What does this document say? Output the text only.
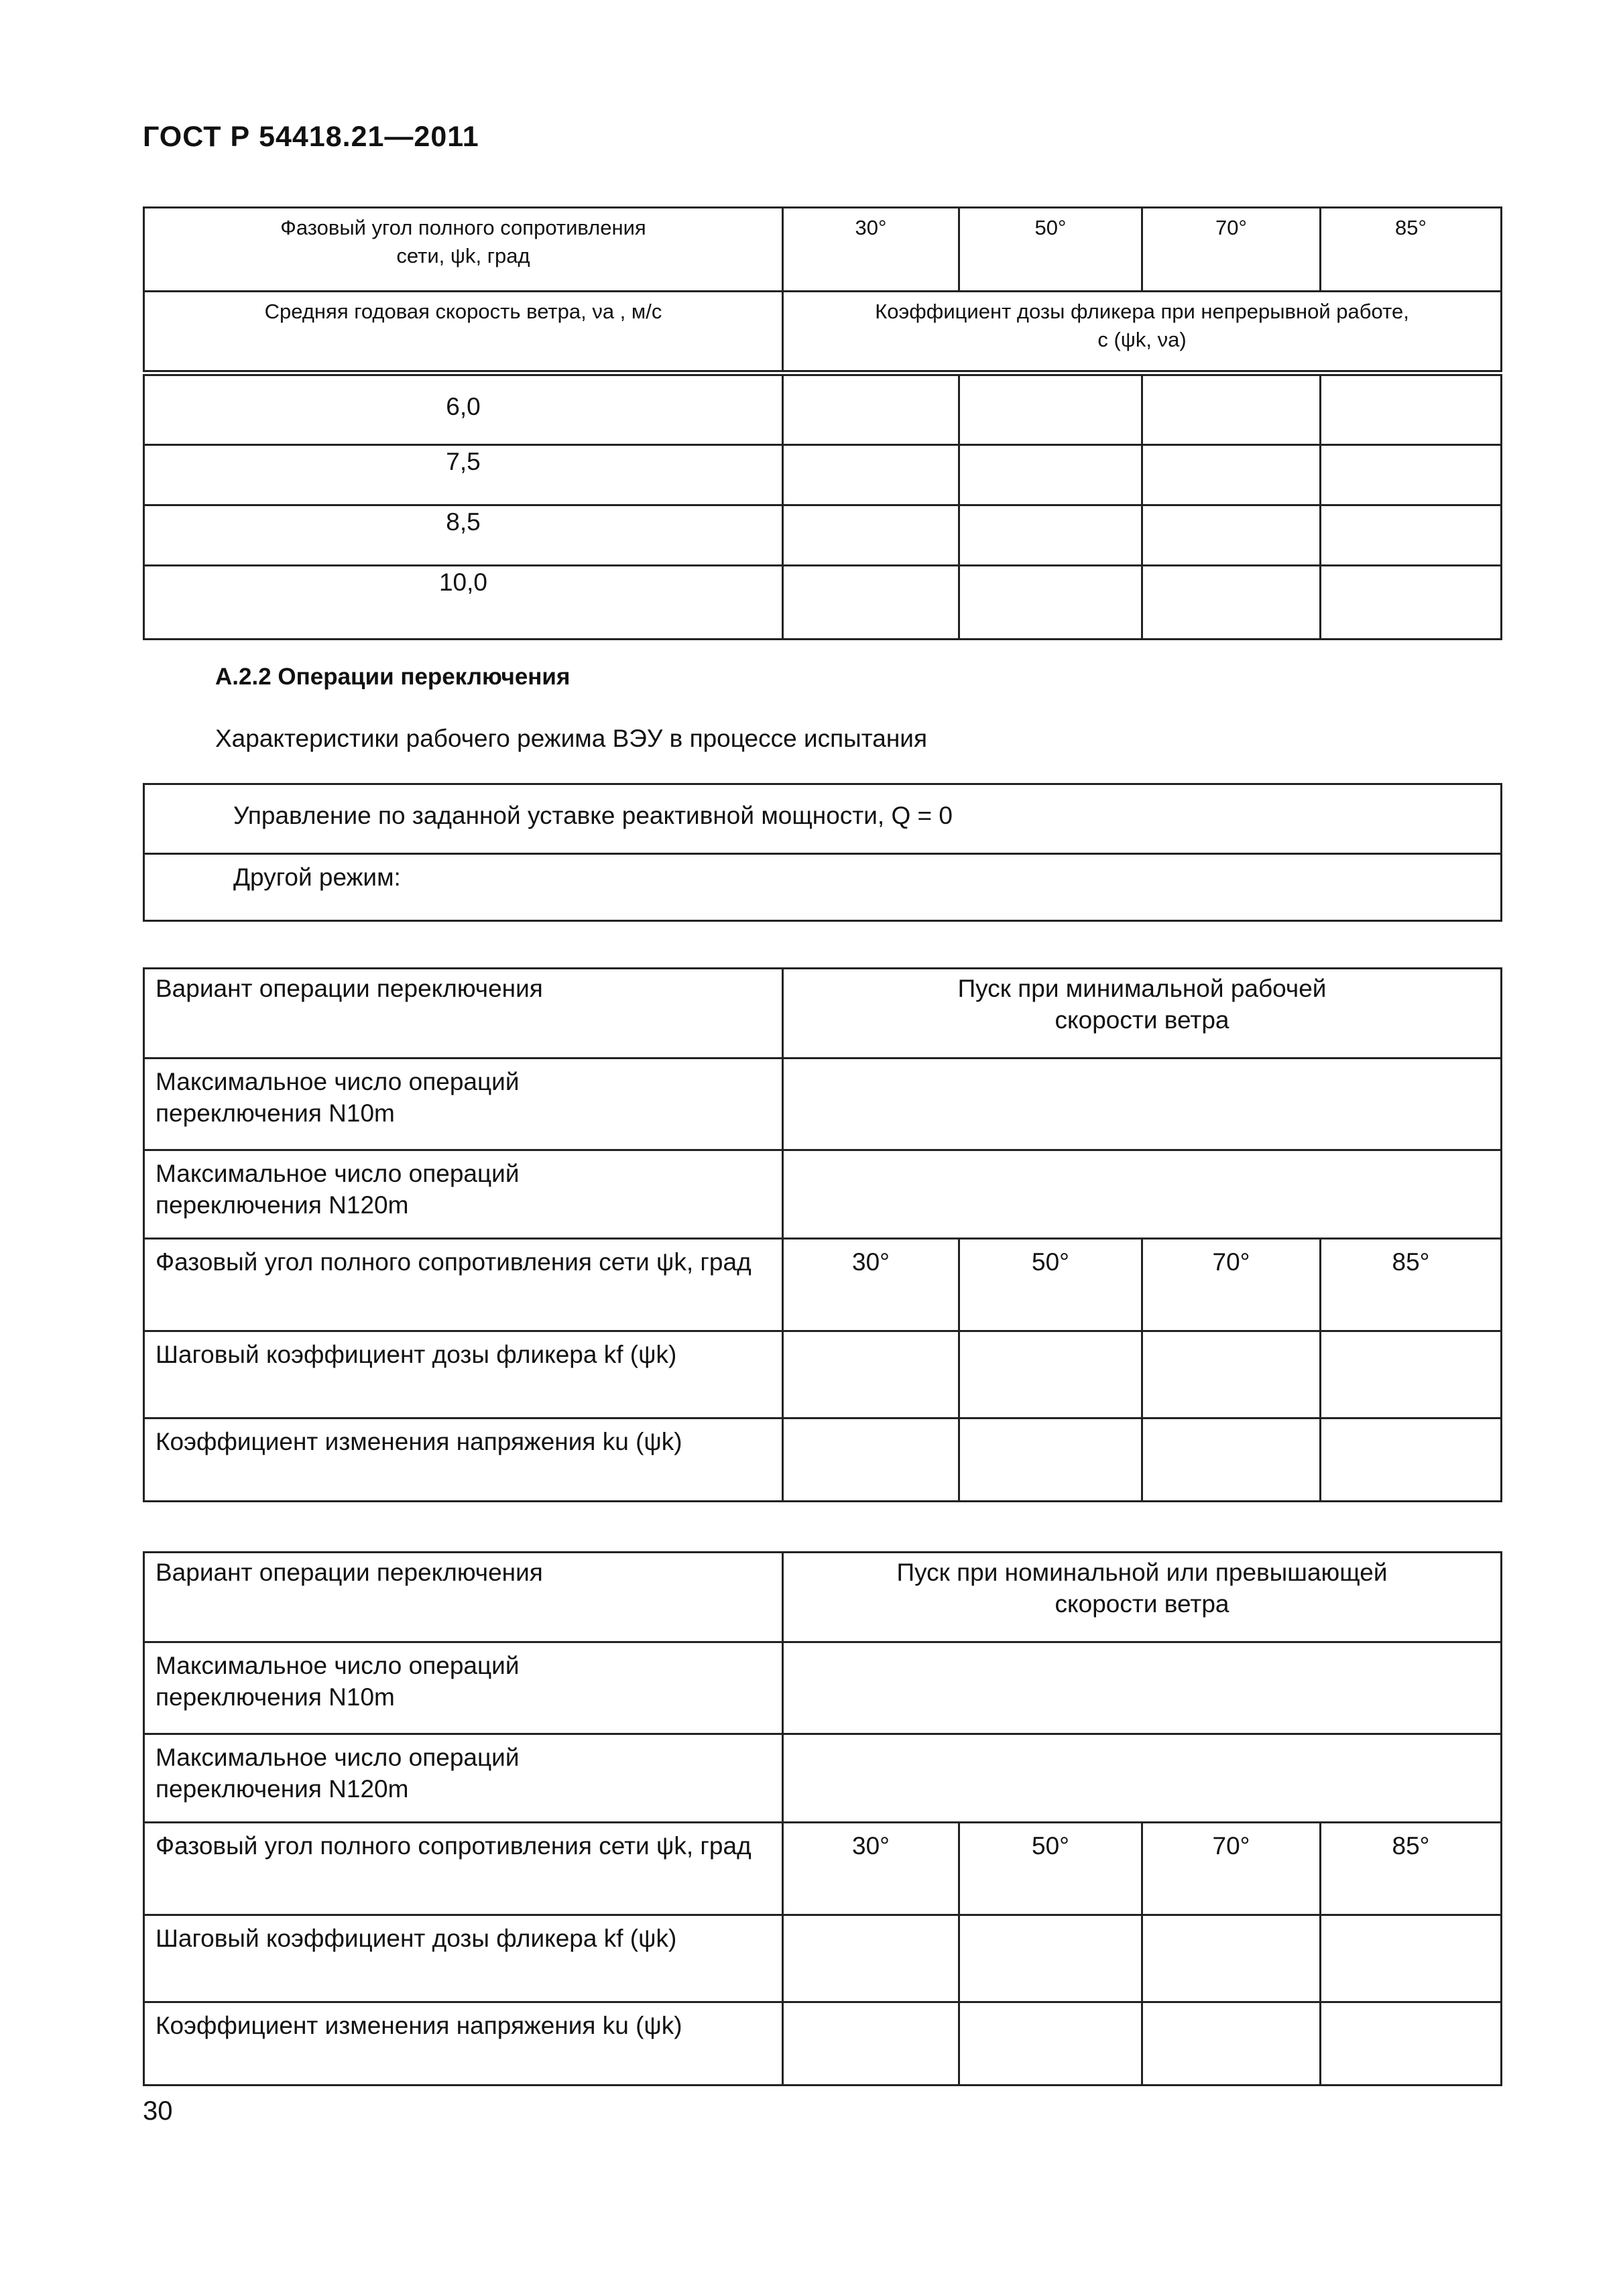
ГОСТ Р 54418.21—2011
Фазовый угол полного сопротивления
сети, ψk, град	30°	50°	70°	85°
Средняя годовая скорость ветра, νa , м/с	Коэффициент дозы фликера при непрерывной работе,
c (ψk, νa)			

6,0				
7,5				
8,5				
10,0				
А.2.2 Операции переключения
Характеристики рабочего режима ВЭУ в процессе испытания
Управление по заданной уставке реактивной мощности, Q = 0
Другой режим:
Вариант операции переключения	Пуск при минимальной рабочей
скорости ветра			

Максимальное число операций
переключения N10m				

Максимальное число операций
переключения N120m				

Фазовый угол полного сопротивления сети ψk, град	30°	50°	70°	85°
Шаговый коэффициент дозы фликера kf (ψk)				
Коэффициент изменения напряжения ku (ψk)				
Вариант операции переключения	Пуск при номинальной или превышающей
скорости ветра			

Максимальное число операций
переключения N10m				

Максимальное число операций
переключения N120m				

Фазовый угол полного сопротивления сети ψk, град	30°	50°	70°	85°
Шаговый коэффициент дозы фликера kf (ψk)				
Коэффициент изменения напряжения ku (ψk)				
30
